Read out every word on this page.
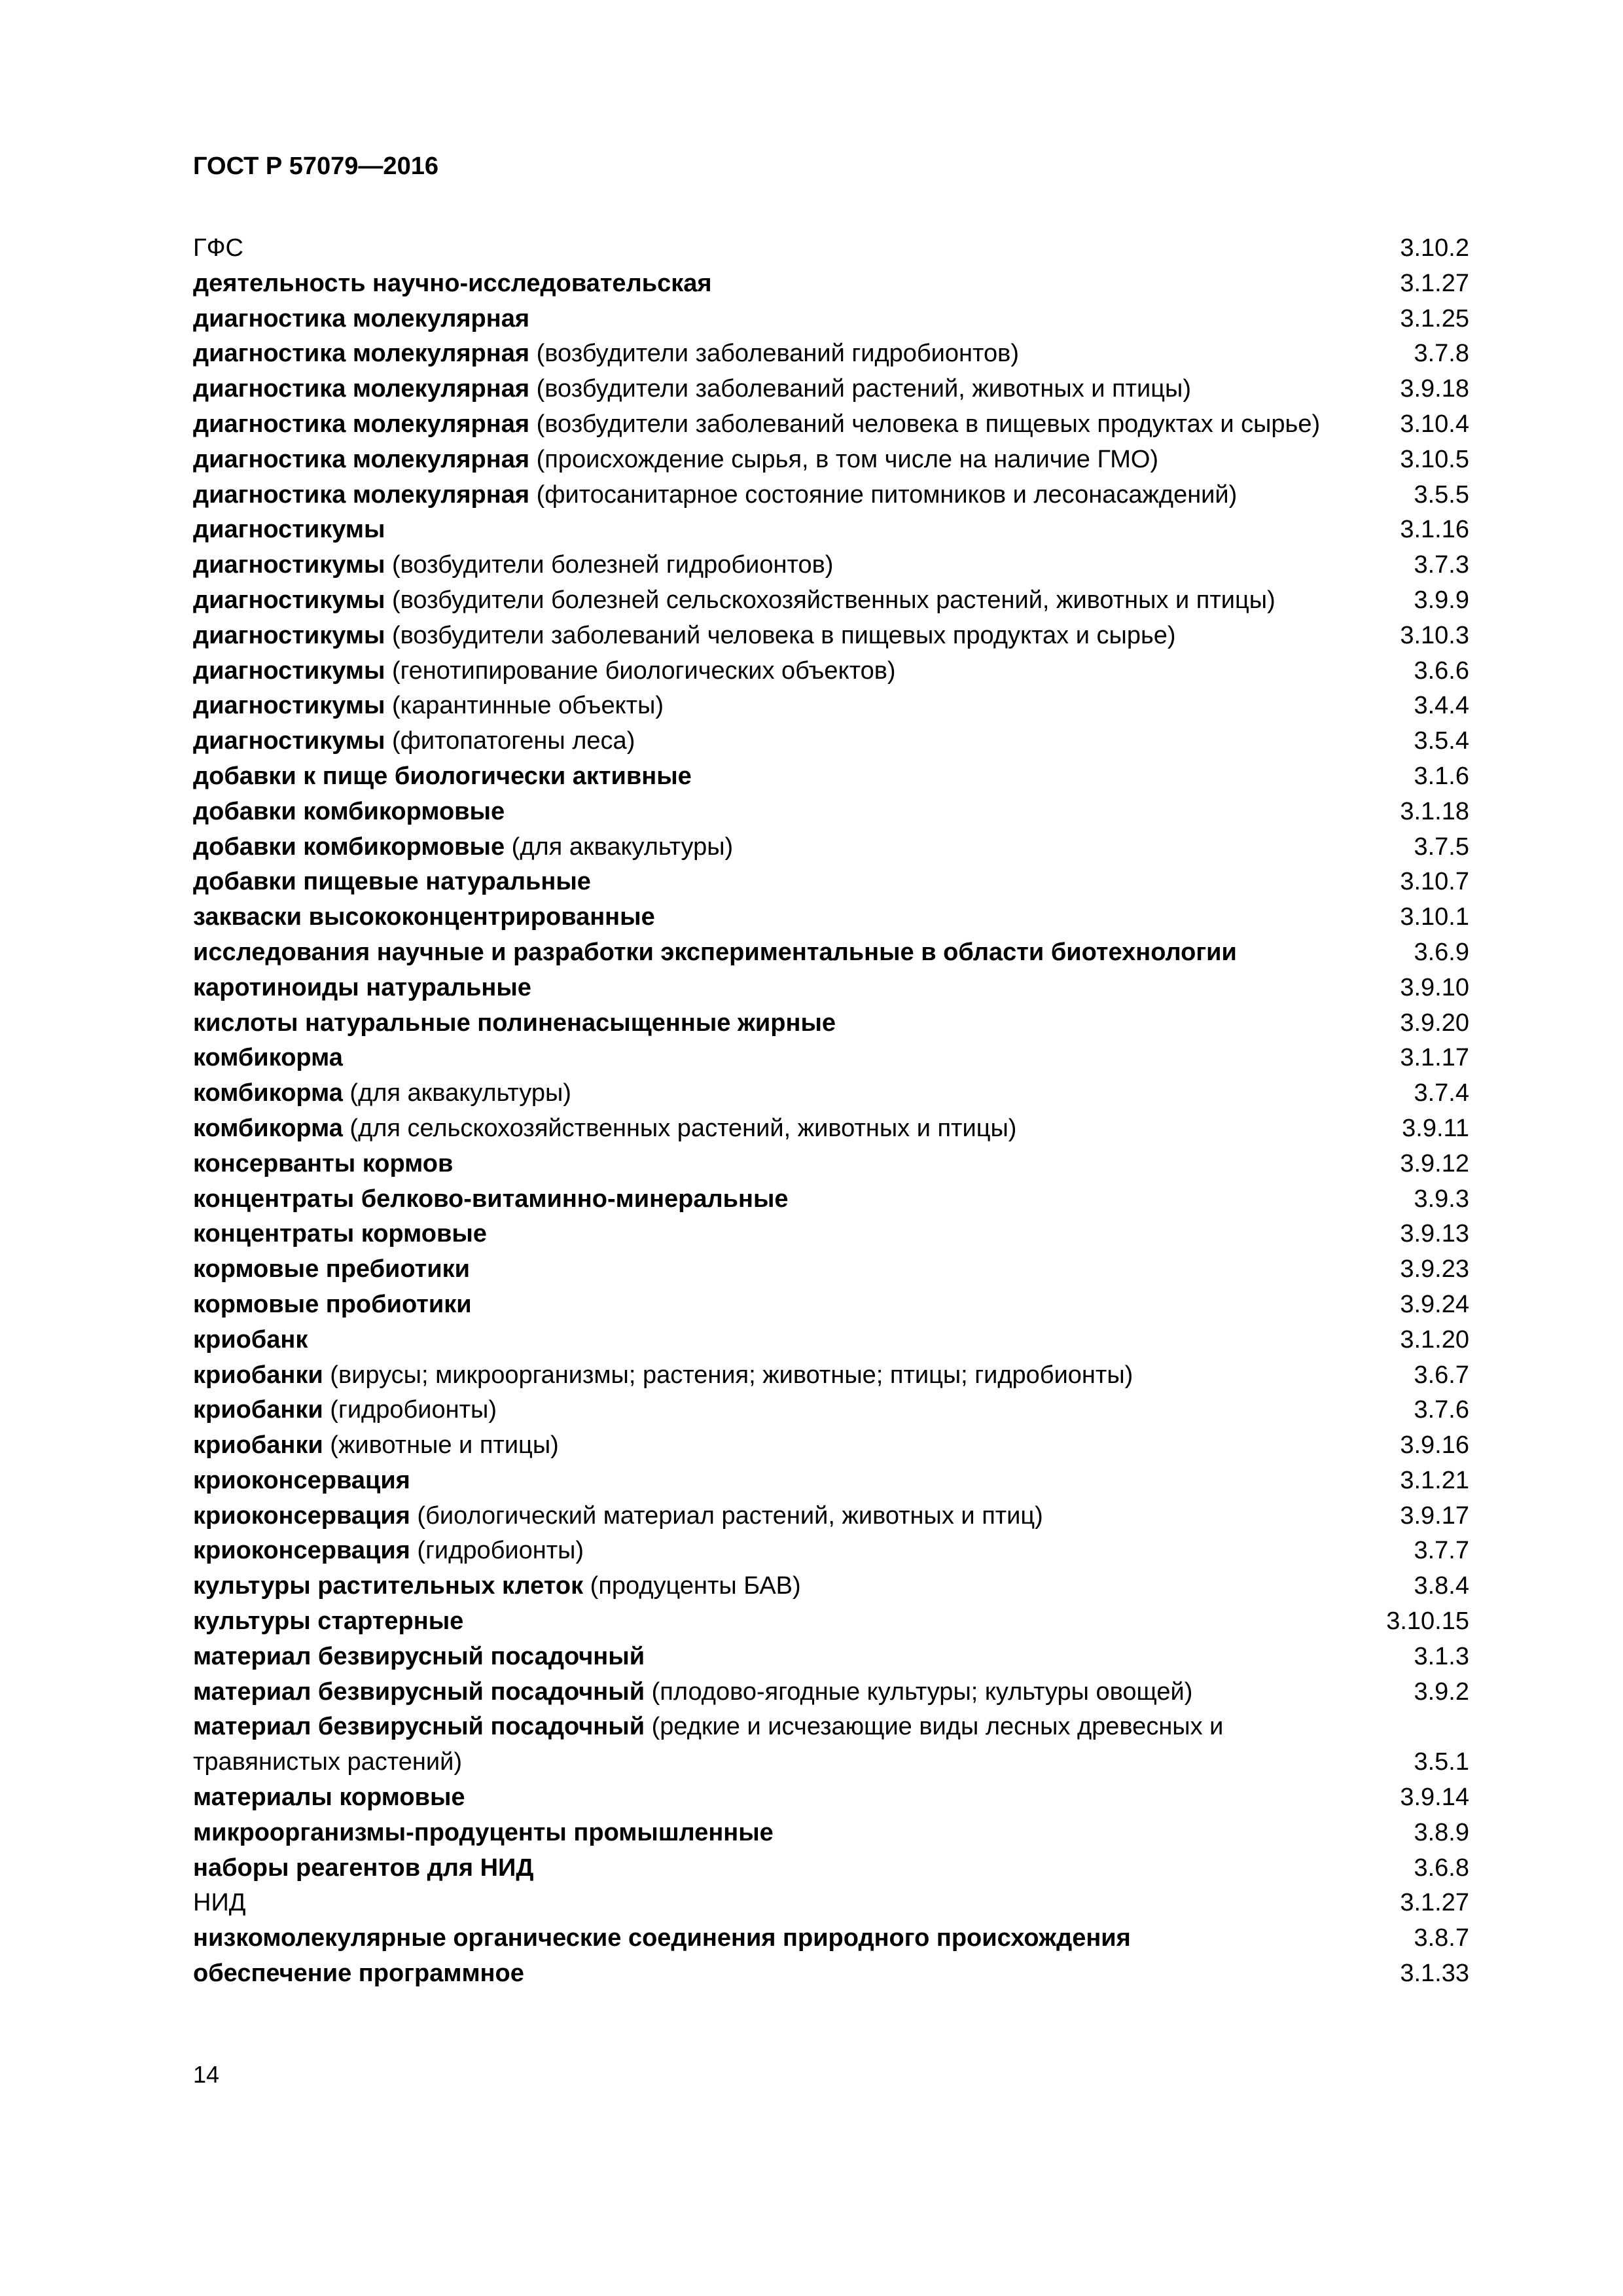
ГОСТ Р 57079—2016
ГФС	3.10.2
деятельность научно-исследовательская	3.1.27
диагностика молекулярная	3.1.25
диагностика молекулярная (возбудители заболеваний гидробионтов)	3.7.8
диагностика молекулярная (возбудители заболеваний растений, животных и птицы)	3.9.18
диагностика молекулярная (возбудители заболеваний человека в пищевых продуктах и сырье)	3.10.4
диагностика молекулярная (происхождение сырья, в том числе на наличие ГМО)	3.10.5
диагностика молекулярная (фитосанитарное состояние питомников и лесонасаждений)	3.5.5
диагностикумы	3.1.16
диагностикумы (возбудители болезней гидробионтов)	3.7.3
диагностикумы (возбудители болезней сельскохозяйственных растений, животных и птицы)	3.9.9
диагностикумы (возбудители заболеваний человека в пищевых продуктах и сырье)	3.10.3
диагностикумы (генотипирование биологических объектов)	3.6.6
диагностикумы (карантинные объекты)	3.4.4
диагностикумы (фитопатогены леса)	3.5.4
добавки к пище биологически активные	3.1.6
добавки комбикормовые	3.1.18
добавки комбикормовые (для аквакультуры)	3.7.5
добавки пищевые натуральные	3.10.7
закваски высококонцентрированные	3.10.1
исследования научные и разработки экспериментальные в области биотехнологии	3.6.9
каротиноиды натуральные	3.9.10
кислоты натуральные полиненасыщенные жирные	3.9.20
комбикорма	3.1.17
комбикорма (для аквакультуры)	3.7.4
комбикорма (для сельскохозяйственных растений, животных и птицы)	3.9.11
консерванты кормов	3.9.12
концентраты белково-витаминно-минеральные	3.9.3
концентраты кормовые	3.9.13
кормовые пребиотики	3.9.23
кормовые пробиотики	3.9.24
криобанк	3.1.20
криобанки (вирусы; микроорганизмы; растения; животные; птицы; гидробионты)	3.6.7
криобанки (гидробионты)	3.7.6
криобанки (животные и птицы)	3.9.16
криоконсервация	3.1.21
криоконсервация (биологический материал растений, животных и птиц)	3.9.17
криоконсервация (гидробионты)	3.7.7
культуры растительных клеток (продуценты БАВ)	3.8.4
культуры стартерные	3.10.15
материал безвирусный посадочный	3.1.3
материал безвирусный посадочный (плодово-ягодные культуры; культуры овощей)	3.9.2
материал безвирусный посадочный (редкие и исчезающие виды лесных древесных и травянистых растений)	3.5.1
материалы кормовые	3.9.14
микроорганизмы-продуценты промышленные	3.8.9
наборы реагентов для НИД	3.6.8
НИД	3.1.27
низкомолекулярные органические соединения природного происхождения	3.8.7
обеспечение программное	3.1.33
14
